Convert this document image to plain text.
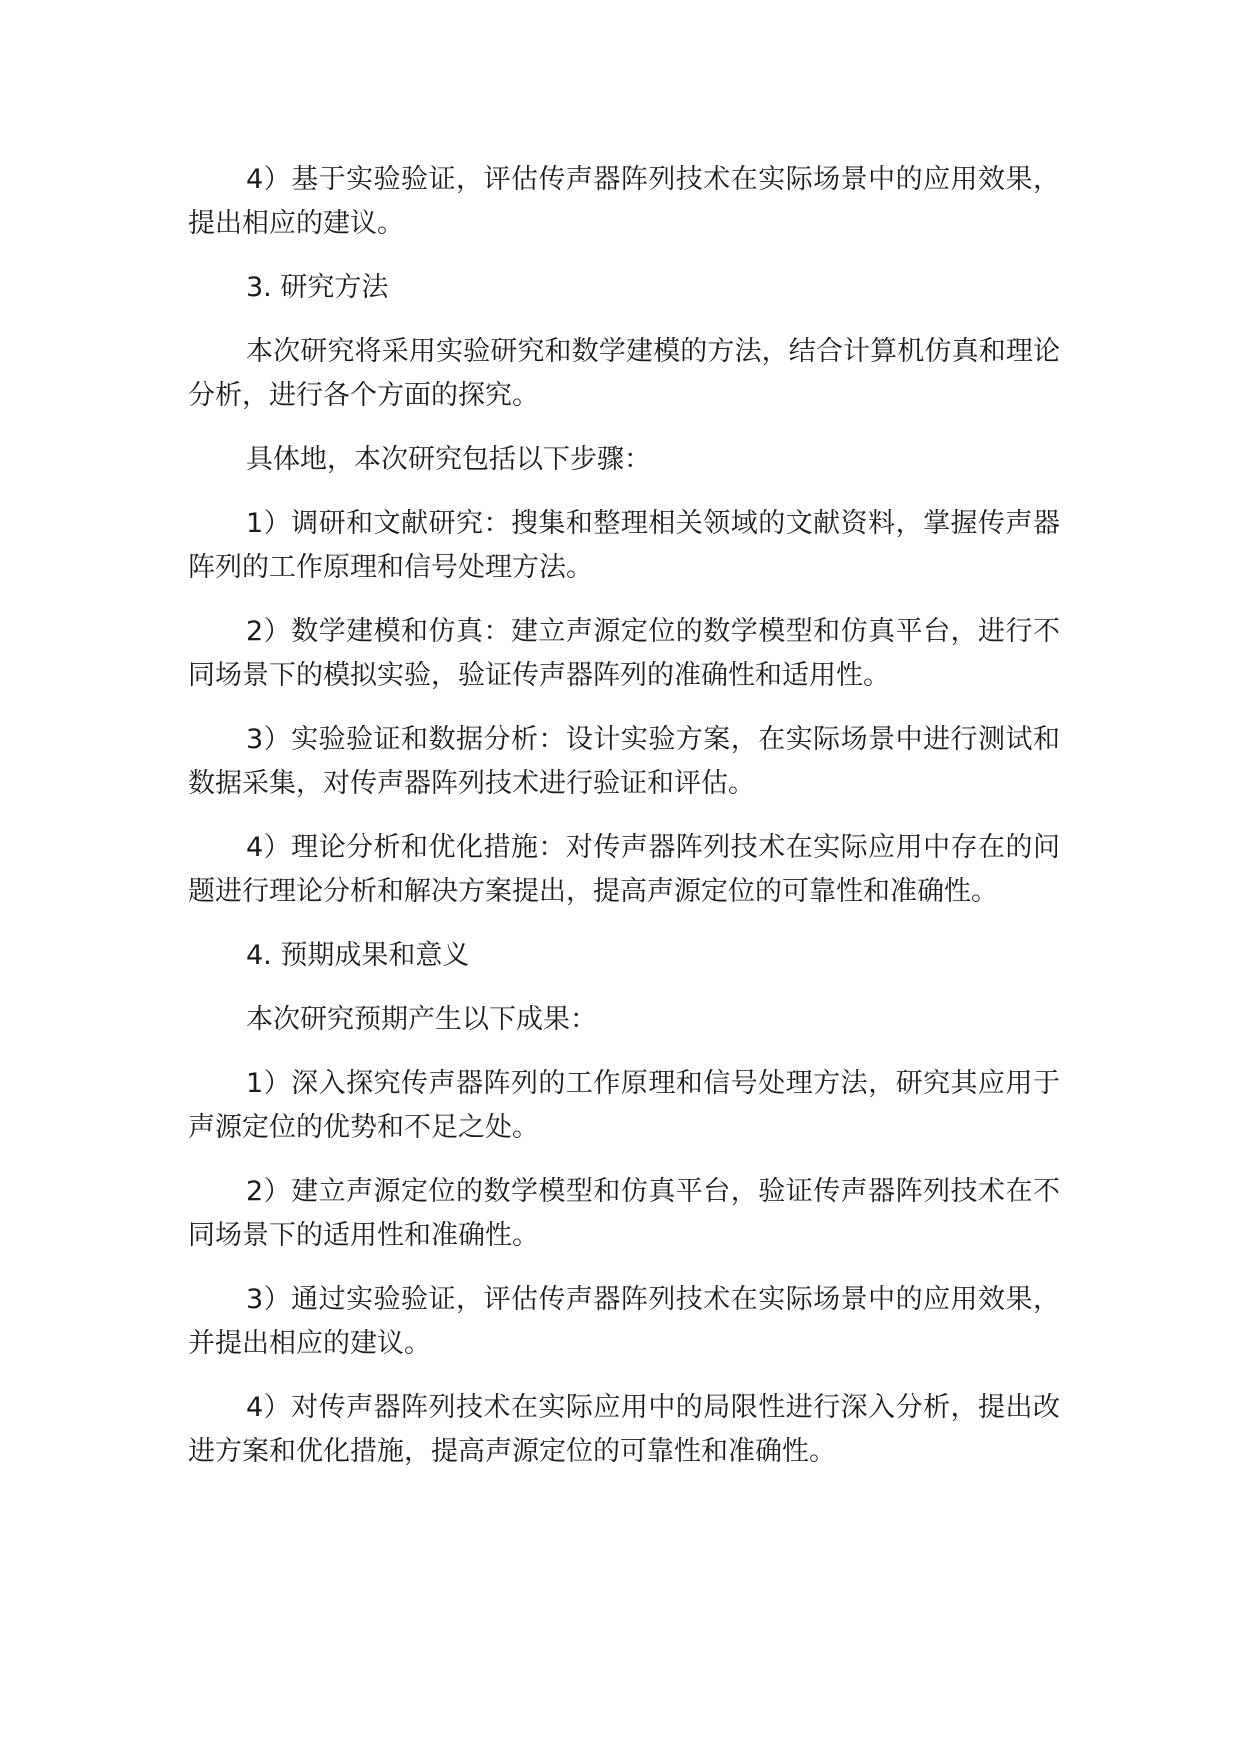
4）基于实验验证，评估传声器阵列技术在实际场景中的应用效果，提出相应的建议。

3. 研究方法

本次研究将采用实验研究和数学建模的方法，结合计算机仿真和理论分析，进行各个方面的探究。

具体地，本次研究包括以下步骤：

1）调研和文献研究：搜集和整理相关领域的文献资料，掌握传声器阵列的工作原理和信号处理方法。

2）数学建模和仿真：建立声源定位的数学模型和仿真平台，进行不同场景下的模拟实验，验证传声器阵列的准确性和适用性。

3）实验验证和数据分析：设计实验方案，在实际场景中进行测试和数据采集，对传声器阵列技术进行验证和评估。

4）理论分析和优化措施：对传声器阵列技术在实际应用中存在的问题进行理论分析和解决方案提出，提高声源定位的可靠性和准确性。

4. 预期成果和意义

本次研究预期产生以下成果：

1）深入探究传声器阵列的工作原理和信号处理方法，研究其应用于声源定位的优势和不足之处。

2）建立声源定位的数学模型和仿真平台，验证传声器阵列技术在不同场景下的适用性和准确性。

3）通过实验验证，评估传声器阵列技术在实际场景中的应用效果，并提出相应的建议。

4）对传声器阵列技术在实际应用中的局限性进行深入分析，提出改进方案和优化措施，提高声源定位的可靠性和准确性。
